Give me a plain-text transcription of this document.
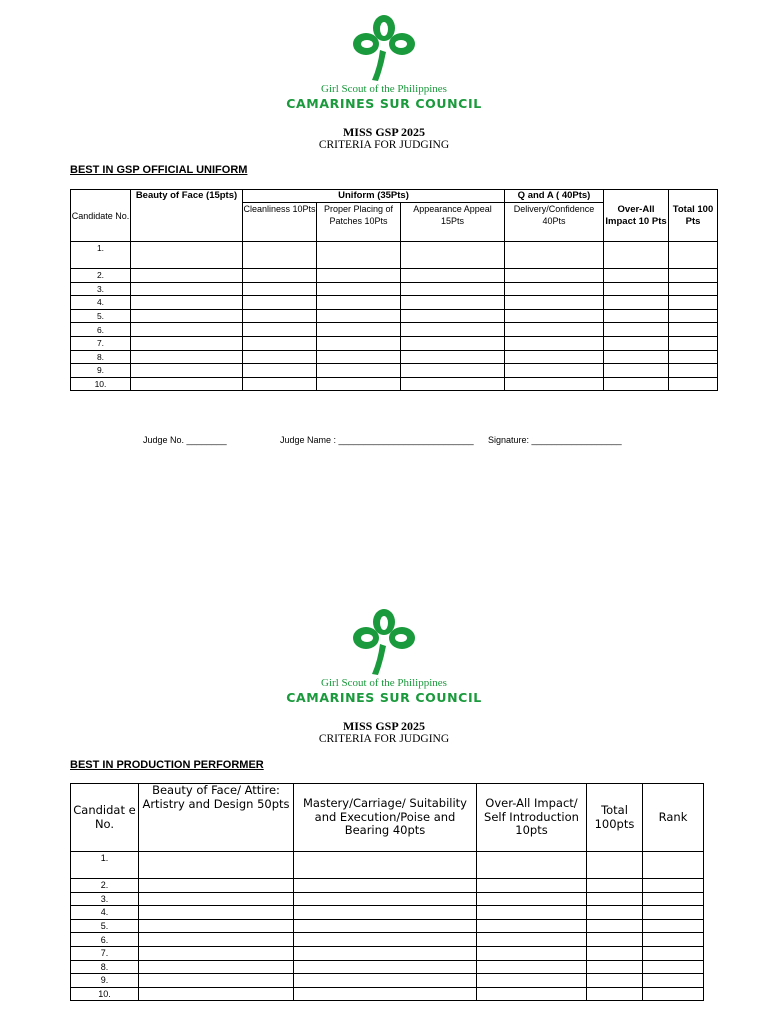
Girl Scout of the Philippines
CAMARINES SUR COUNCIL
MISS GSP 2025
CRITERIA FOR JUDGING
BEST IN GSP OFFICIAL UNIFORM
Candidate No.	Beauty of Face (15pts)	Uniform (35Pts)			Q and A ( 40Pts)	Over-All Impact 10 Pts	Total 100 Pts
		Cleanliness 10Pts	Proper Placing of Patches 10Pts	Appearance Appeal 15Pts	Delivery/Confidence 40Pts		
1.							
2.							
3.							
4.							
5.							
6.							
7.							
8.							
9.							
10.							
Judge No. ________	Judge Name : ___________________________ Signature: __________________
Girl Scout of the Philippines
CAMARINES SUR COUNCIL
MISS GSP 2025
CRITERIA FOR JUDGING
BEST IN PRODUCTION PERFORMER
Candidat e No.	Beauty of Face/ Attire: Artistry and Design 50pts	Mastery/Carriage/ Suitability and Execution/Poise and Bearing 40pts	Over-All Impact/ Self Introduction 10pts	Total 100pts	Rank
1.					
2.					
3.					
4.					
5.					
6.					
7.					
8.					
9.					
10.					
